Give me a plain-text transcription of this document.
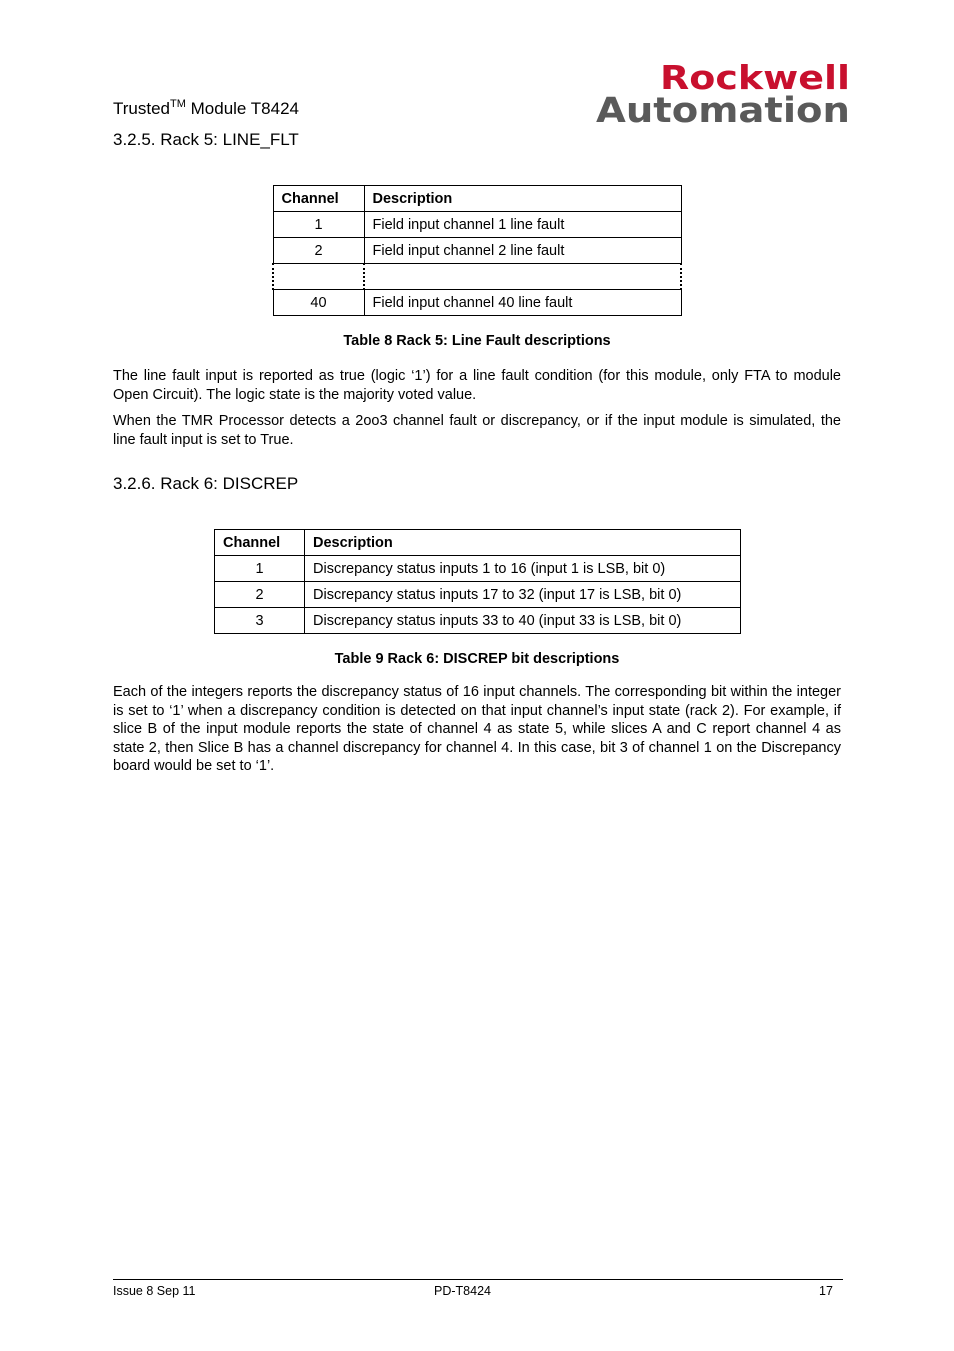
Trusted™ Module T8424
Rockwell
Automation
3.2.5. Rack 5: LINE_FLT
Channel	Description
1	Field input channel 1 line fault
2	Field input channel 2 line fault

40	Field input channel 40 line fault
Table 8 Rack 5: Line Fault descriptions

The line fault input is reported as true (logic ‘1’) for a line fault condition (for this module, only FTA to module Open Circuit). The logic state is the majority voted value.

When the TMR Processor detects a 2oo3 channel fault or discrepancy, or if the input module is simulated, the line fault input is set to True.

3.2.6. Rack 6: DISCREP
Channel	Description
1	Discrepancy status inputs 1 to 16 (input 1 is LSB, bit 0)
2	Discrepancy status inputs 17 to 32 (input 17 is LSB, bit 0)
3	Discrepancy status inputs 33 to 40 (input 33 is LSB, bit 0)
Table 9 Rack 6: DISCREP bit descriptions

Each of the integers reports the discrepancy status of 16 input channels. The corresponding bit within the integer is set to ‘1’ when a discrepancy condition is detected on that input channel’s input state (rack 2). For example, if slice B of the input module reports the state of channel 4 as state 5, while slices A and C report channel 4 as state 2, then Slice B has a channel discrepancy for channel 4. In this case, bit 3 of channel 1 on the Discrepancy board would be set to ‘1’.

Issue 8 Sep 11	PD-T8424	17
